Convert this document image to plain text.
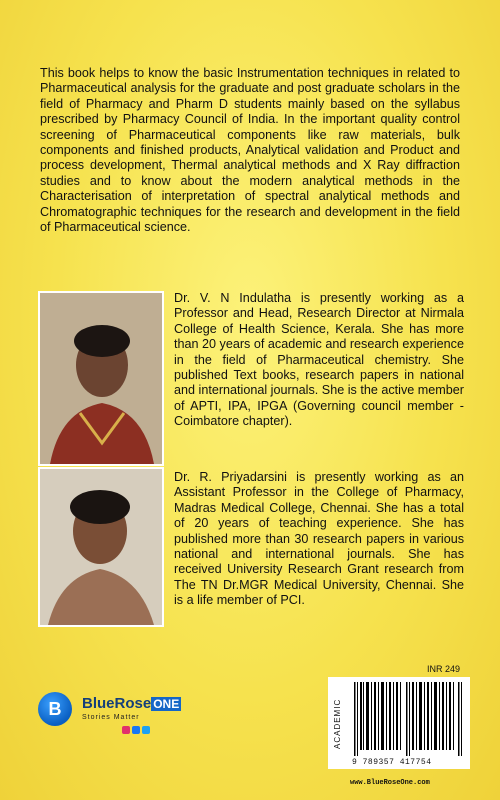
This book helps to know the basic Instrumentation techniques in related to Pharmaceutical analysis for the graduate and post graduate scholars in the field of Pharmacy and Pharm D students mainly based on the syllabus prescribed by Pharmacy Council of India. In the important quality control screening of Pharmaceutical components like raw materials, bulk components and finished products, Analytical validation and Product and process development, Thermal analytical methods and X Ray diffraction studies and to know about the modern analytical methods in the Characterisation of interpretation of spectral analytical methods and Chromatographic techniques for the research and development in the field of Pharmaceutical science.
Dr. V. N Indulatha is presently working as a Professor and Head, Research Director at Nirmala College of Health Science, Kerala. She has more than 20 years of academic and research experience in the field of Pharmaceutical chemistry. She published Text books, research papers in national and international journals. She is the active member of APTI, IPA, IPGA (Governing council member - Coimbatore chapter).
Dr. R. Priyadarsini is presently working as an Assistant Professor in the College of Pharmacy, Madras Medical College, Chennai. She has a total of 20 years of teaching experience. She has published more than 30 research papers in various national and international journals. She has received University Research Grant research from The TN Dr.MGR Medical University, Chennai. She is a life member of PCI.
B	BlueRose ONE
Stories Matter
INR 249
ACADEMIC
9 789357 417754
www.BlueRoseOne.com
